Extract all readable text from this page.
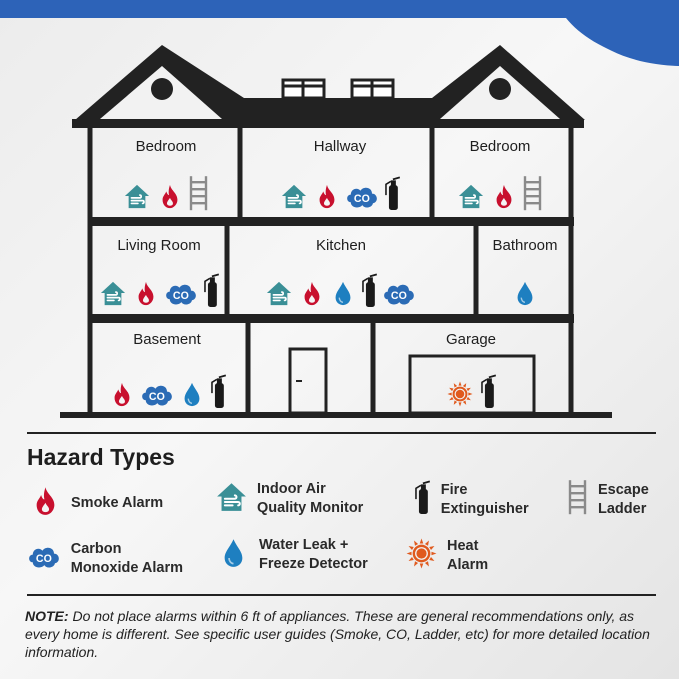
Bedroom	Hallway	Bedroom
Living Room	Kitchen	Bathroom
Basement	Garage
CO
CO	CO
CO
Hazard Types
Smoke Alarm
Indoor Air
Quality Monitor
Fire
Extinguisher
Escape
Ladder
CO
Carbon
Monoxide Alarm
Water Leak +
Freeze Detector
Heat
Alarm
NOTE: Do not place alarms within 6 ft of appliances. These are general recommendations only, as every home is different. See specific user guides (Smoke, CO, Ladder, etc) for more detailed location information.
